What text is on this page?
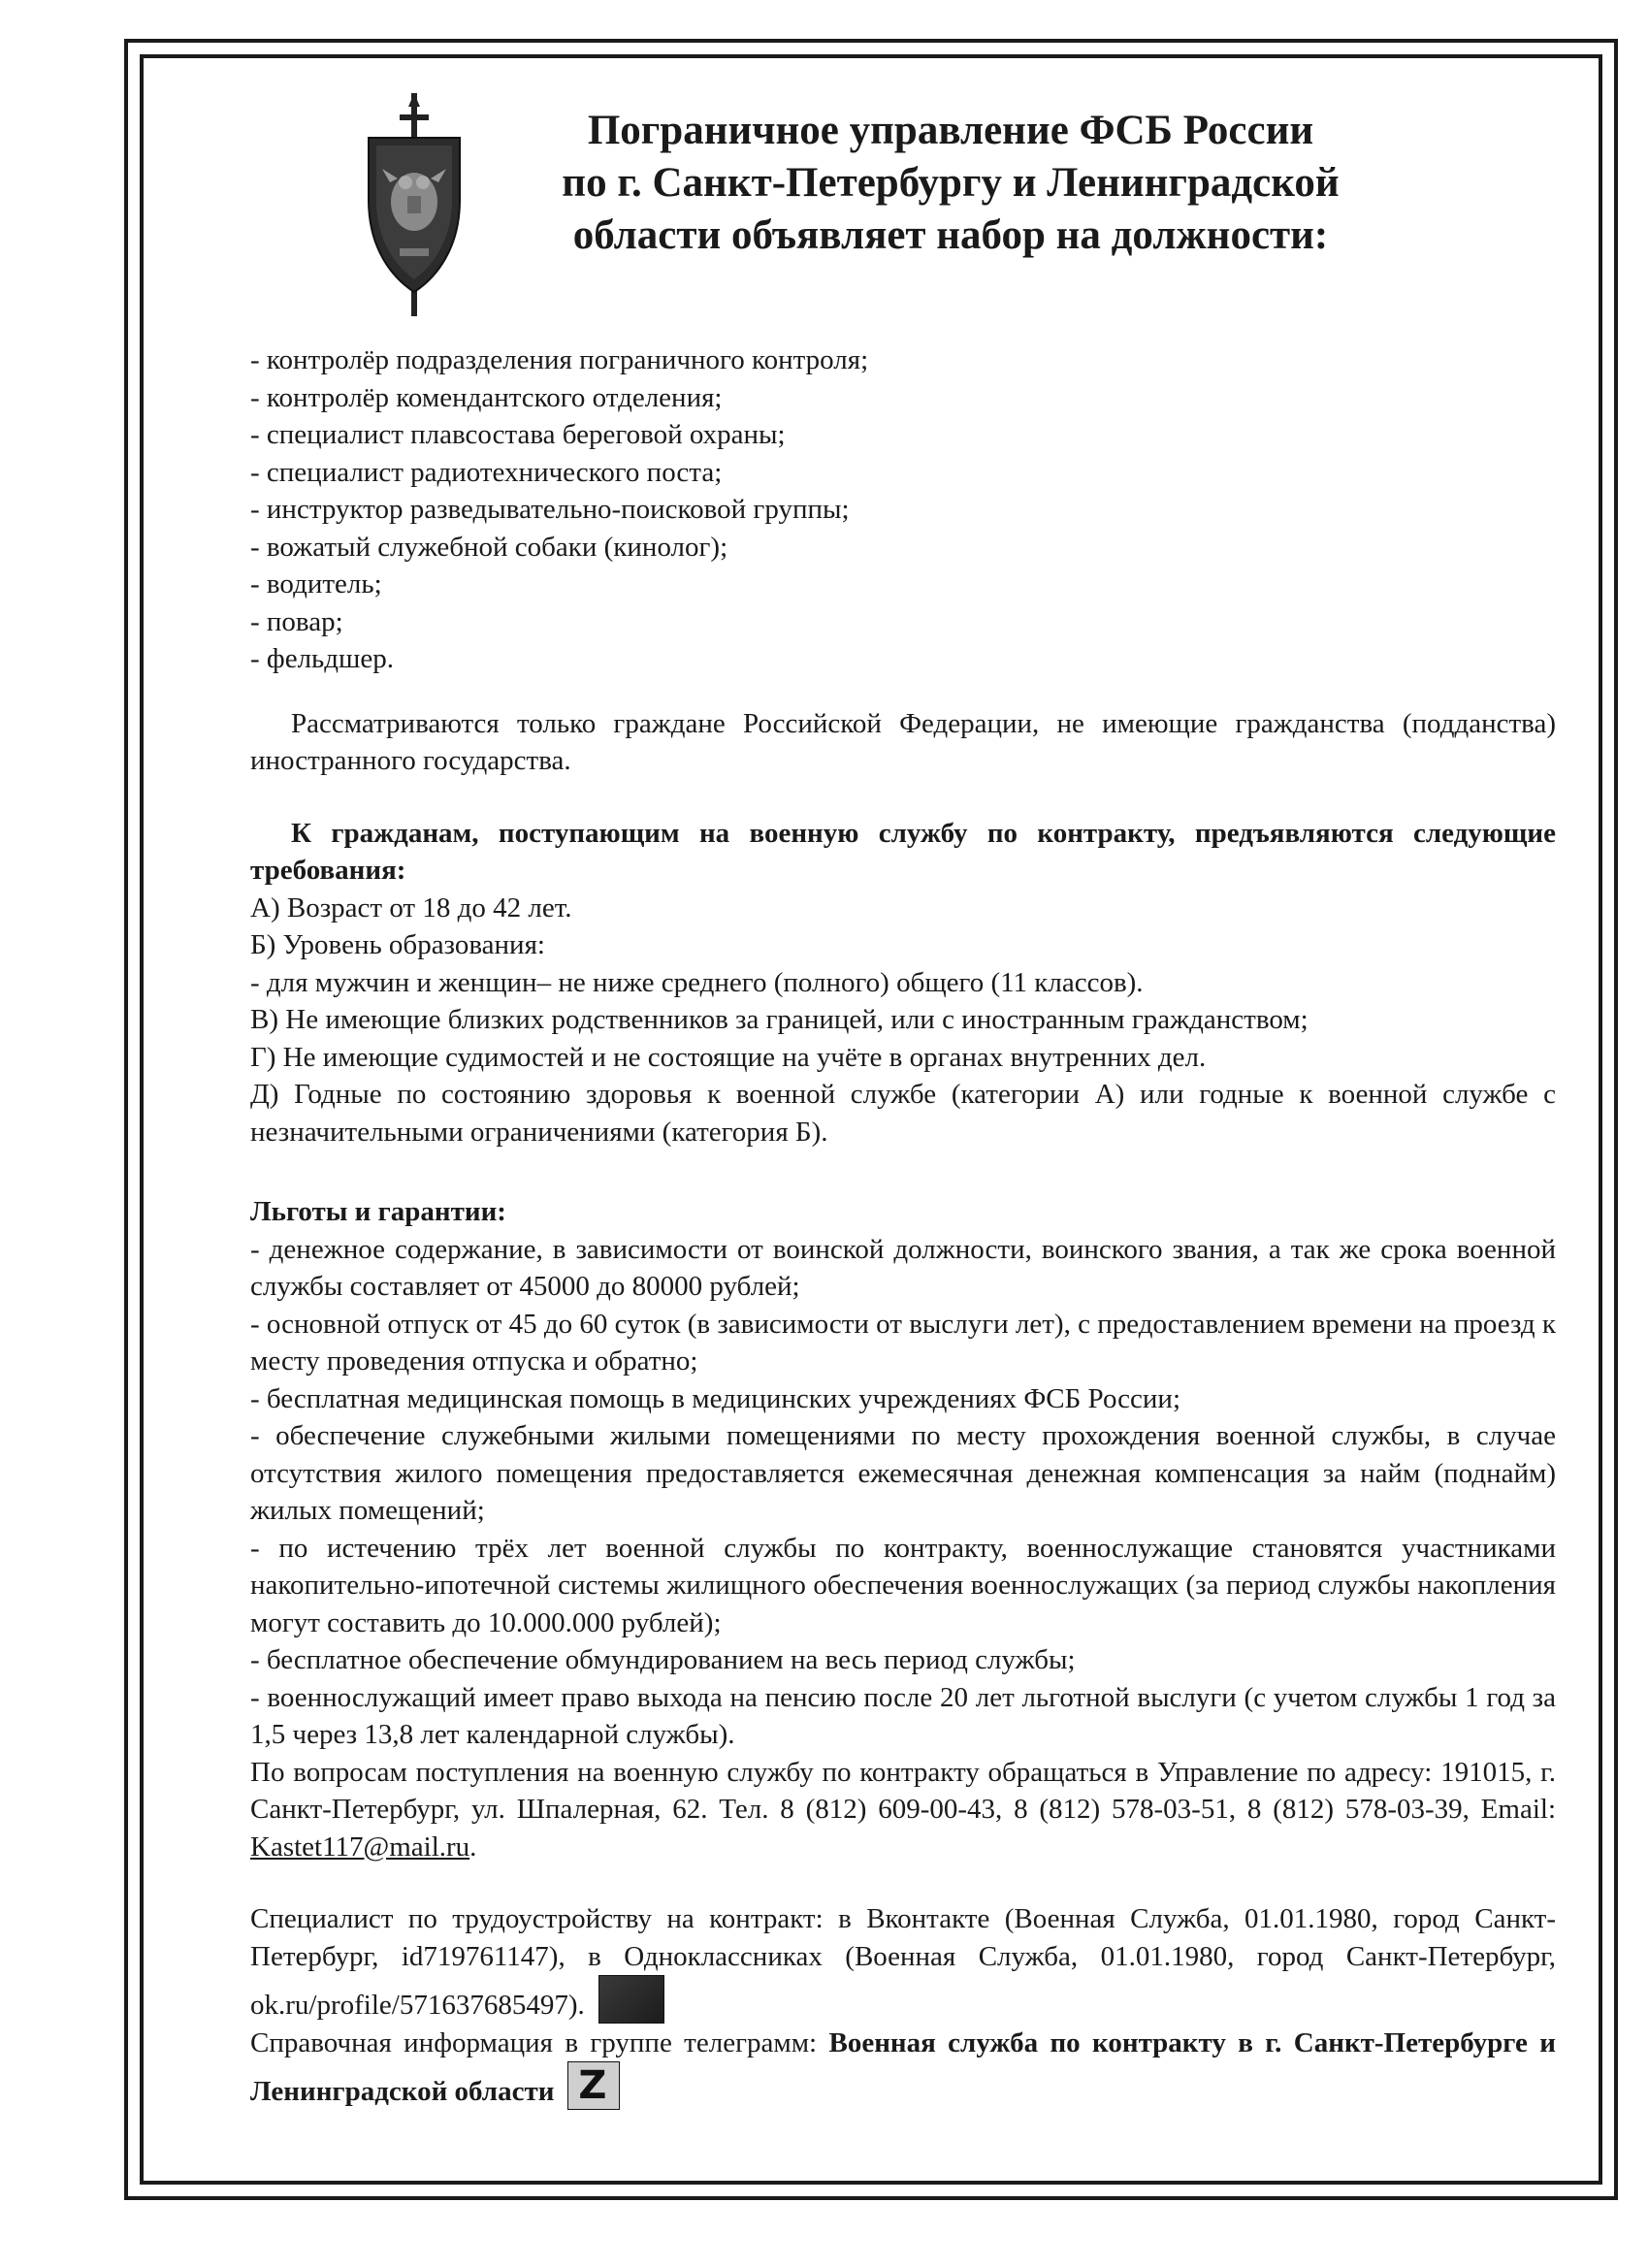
Пограничное управление ФСБ России
по г. Санкт-Петербургу и Ленинградской
области объявляет набор на должности:

- контролёр подразделения пограничного контроля;

- контролёр комендантского отделения;

- специалист плавсостава береговой охраны;

- специалист радиотехнического поста;

- инструктор разведывательно-поисковой группы;

- вожатый служебной собаки (кинолог);

- водитель;

- повар;

- фельдшер.

Рассматриваются только граждане Российской Федерации, не имеющие гражданства (подданства) иностранного государства.

К гражданам, поступающим на военную службу по контракту, предъявляются следующие требования:

А) Возраст от 18 до 42 лет.

Б) Уровень образования:

- для мужчин и женщин– не ниже среднего (полного) общего (11 классов).

В) Не имеющие близких родственников за границей, или с иностранным гражданством;

Г) Не имеющие судимостей и не состоящие на учёте в органах внутренних дел.

Д) Годные по состоянию здоровья к военной службе (категории А) или годные к военной службе с незначительными ограничениями (категория Б).

Льготы и гарантии:

- денежное содержание, в зависимости от воинской должности, воинского звания, а так же срока военной службы составляет от 45000 до 80000 рублей;

- основной отпуск от 45 до 60 суток (в зависимости от выслуги лет), с предоставлением времени на проезд к месту проведения отпуска и обратно;

- бесплатная медицинская помощь в медицинских учреждениях ФСБ России;

- обеспечение служебными жилыми помещениями по месту прохождения военной службы, в случае отсутствия жилого помещения предоставляется ежемесячная денежная компенсация за найм (поднайм) жилых помещений;

- по истечению трёх лет военной службы по контракту, военнослужащие становятся участниками накопительно-ипотечной системы жилищного обеспечения военнослужащих (за период службы накопления могут составить до 10.000.000 рублей);

- бесплатное обеспечение обмундированием на весь период службы;

- военнослужащий имеет право выхода на пенсию после 20 лет льготной выслуги (с учетом службы 1 год за 1,5 через 13,8 лет календарной службы).

По вопросам поступления на военную службу по контракту обращаться в Управление по адресу: 191015, г. Санкт-Петербург, ул. Шпалерная, 62. Тел. 8 (812) 609-00-43, 8 (812) 578-03-51, 8 (812) 578-03-39, Email: Kastet117@mail.ru.

Специалист по трудоустройству на контракт: в Вконтакте (Военная Служба, 01.01.1980, город Санкт-Петербург, id719761147), в Одноклассниках (Военная Служба, 01.01.1980, город Санкт-Петербург, ok.ru/profile/571637685497).

Справочная информация в группе телеграмм: Военная служба по контракту в г. Санкт-Петербурге и Ленинградской области Z
